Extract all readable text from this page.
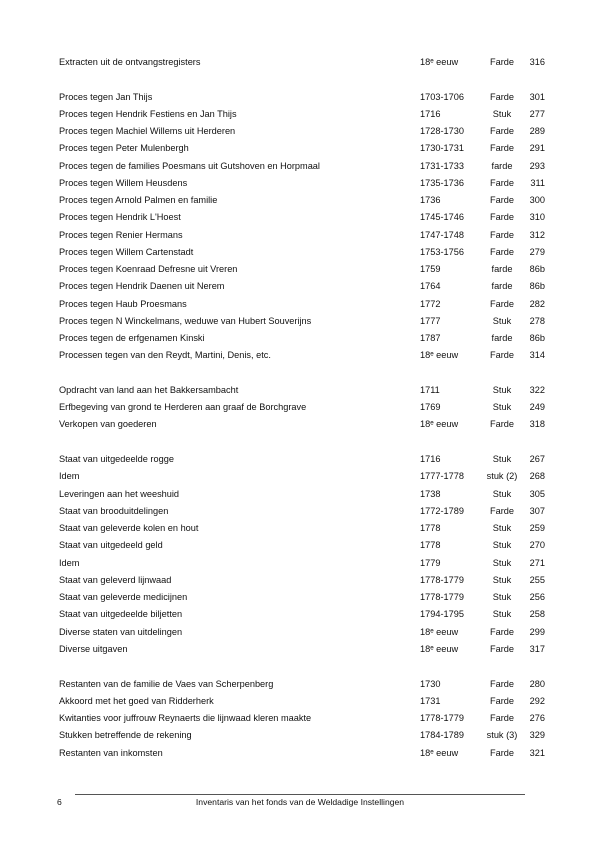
Extracten uit de ontvangstregisters	18ᵉ eeuw	Farde	316
Proces tegen Jan Thijs	1703-1706	Farde	301
Proces tegen Hendrik Festiens en Jan Thijs	1716	Stuk	277
Proces tegen Machiel Willems uit Herderen	1728-1730	Farde	289
Proces tegen Peter Mulenbergh	1730-1731	Farde	291
Proces tegen de families Poesmans uit Gutshoven en Horpmaal	1731-1733	farde	293
Proces tegen Willem Heusdens	1735-1736	Farde	311
Proces tegen Arnold Palmen en familie	1736	Farde	300
Proces tegen Hendrik L'Hoest	1745-1746	Farde	310
Proces tegen Renier Hermans	1747-1748	Farde	312
Proces tegen Willem Cartenstadt	1753-1756	Farde	279
Proces tegen Koenraad Defresne uit Vreren	1759	farde	86b
Proces tegen Hendrik Daenen uit Nerem	1764	farde	86b
Proces tegen Haub Proesmans	1772	Farde	282
Proces tegen N Winckelmans, weduwe van Hubert Souverijns	1777	Stuk	278
Proces tegen de erfgenamen Kinski	1787	farde	86b
Processen tegen van den Reydt, Martini, Denis, etc.	18ᵉ eeuw	Farde	314
Opdracht van land aan het Bakkersambacht	1711	Stuk	322
Erfbegeving van grond te Herderen aan graaf de Borchgrave	1769	Stuk	249
Verkopen van goederen	18ᵉ eeuw	Farde	318
Staat van uitgedeelde rogge	1716	Stuk	267
Idem	1777-1778	stuk (2)	268
Leveringen aan het weeshuid	1738	Stuk	305
Staat van brooduitdelingen	1772-1789	Farde	307
Staat van geleverde kolen en hout	1778	Stuk	259
Staat van uitgedeeld geld	1778	Stuk	270
Idem	1779	Stuk	271
Staat van geleverd lijnwaad	1778-1779	Stuk	255
Staat van geleverde medicijnen	1778-1779	Stuk	256
Staat van uitgedeelde biljetten	1794-1795	Stuk	258
Diverse staten van uitdelingen	18ᵉ eeuw	Farde	299
Diverse uitgaven	18ᵉ eeuw	Farde	317
Restanten van de familie de Vaes van Scherpenberg	1730	Farde	280
Akkoord met het goed van Ridderherk	1731	Farde	292
Kwitanties voor juffrouw Reynaerts die lijnwaad kleren maakte	1778-1779	Farde	276
Stukken betreffende de rekening	1784-1789	stuk (3)	329
Restanten van inkomsten	18ᵉ eeuw	Farde	321
6	Inventaris van het fonds van de Weldadige Instellingen
